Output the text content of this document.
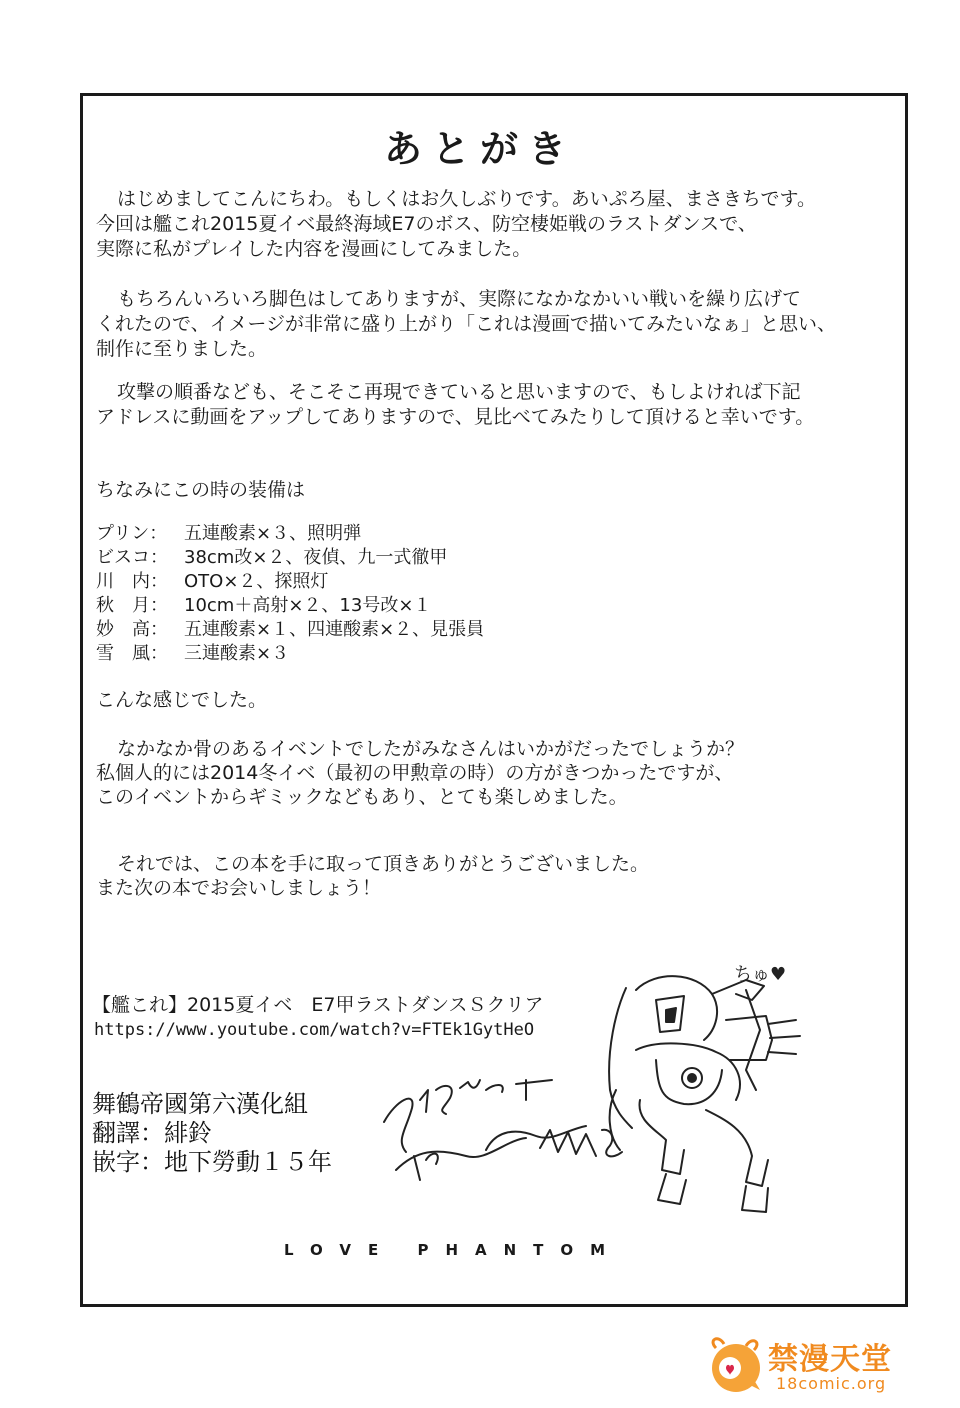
あとがき
はじめましてこんにちわ。もしくはお久しぶりです。あいぷろ屋、まさきちです。
今回は艦これ2015夏イベ最終海域E7のボス、防空棲姫戦のラストダンスで、
実際に私がプレイした内容を漫画にしてみました。
もちろんいろいろ脚色はしてありますが、実際になかなかいい戦いを繰り広げて
くれたので、イメージが非常に盛り上がり「これは漫画で描いてみたいなぁ」と思い、
制作に至りました。
攻撃の順番なども、そこそこ再現できていると思いますので、もしよければ下記
アドレスに動画をアップしてありますので、見比べてみたりして頂けると幸いです。
ちなみにこの時の装備は
プリン： 五連酸素×３、照明弾
ビスコ： 38cm改×２、夜偵、九一式徹甲
川　内： OTO×２、探照灯
秋　月： 10cm＋高射×２、13号改×１
妙　高： 五連酸素×１、四連酸素×２、見張員
雪　風： 三連酸素×３
こんな感じでした。
なかなか骨のあるイベントでしたがみなさんはいかがだったでしょうか？
私個人的には2014冬イベ（最初の甲勲章の時）の方がきつかったですが、
このイベントからギミックなどもあり、とても楽しめました。
それでは、この本を手に取って頂きありがとうございました。
また次の本でお会いしましょう！
【艦これ】2015夏イベ　E7甲ラストダンスＳクリア
https://www.youtube.com/watch?v=FTEk1GytHeO
舞鶴帝國第六漢化組
翻譯：緋鈴
嵌字：地下勞動１５年
ちゅ♥
LOVE PHANTOM
禁漫天堂
18comic.org
